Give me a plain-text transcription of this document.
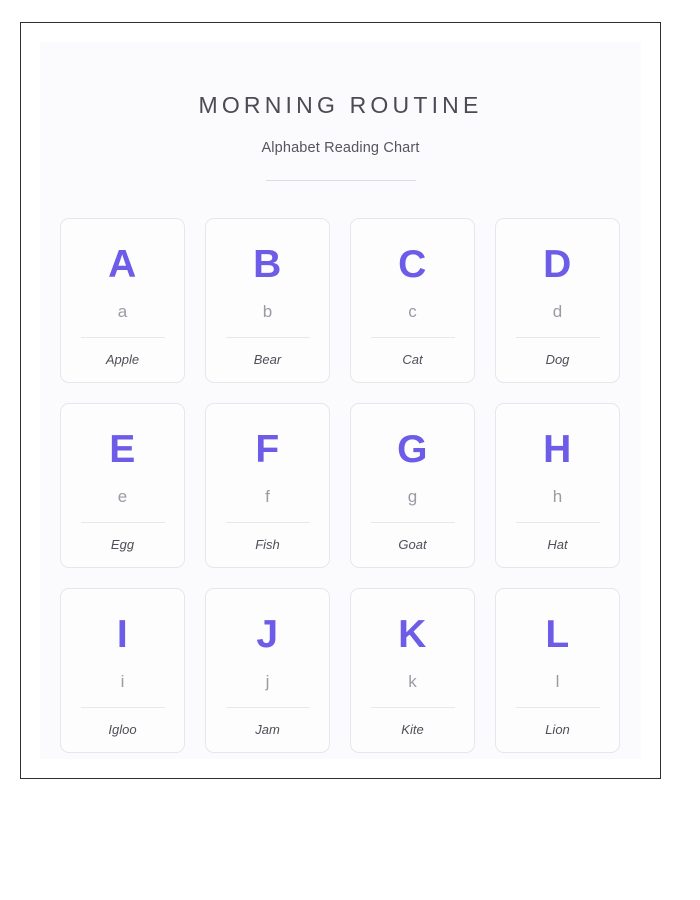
MORNING ROUTINE
Alphabet Reading Chart
A
a
Apple
B
b
Bear
C
c
Cat
D
d
Dog
E
e
Egg
F
f
Fish
G
g
Goat
H
h
Hat
I
i
Igloo
J
j
Jam
K
k
Kite
L
l
Lion
